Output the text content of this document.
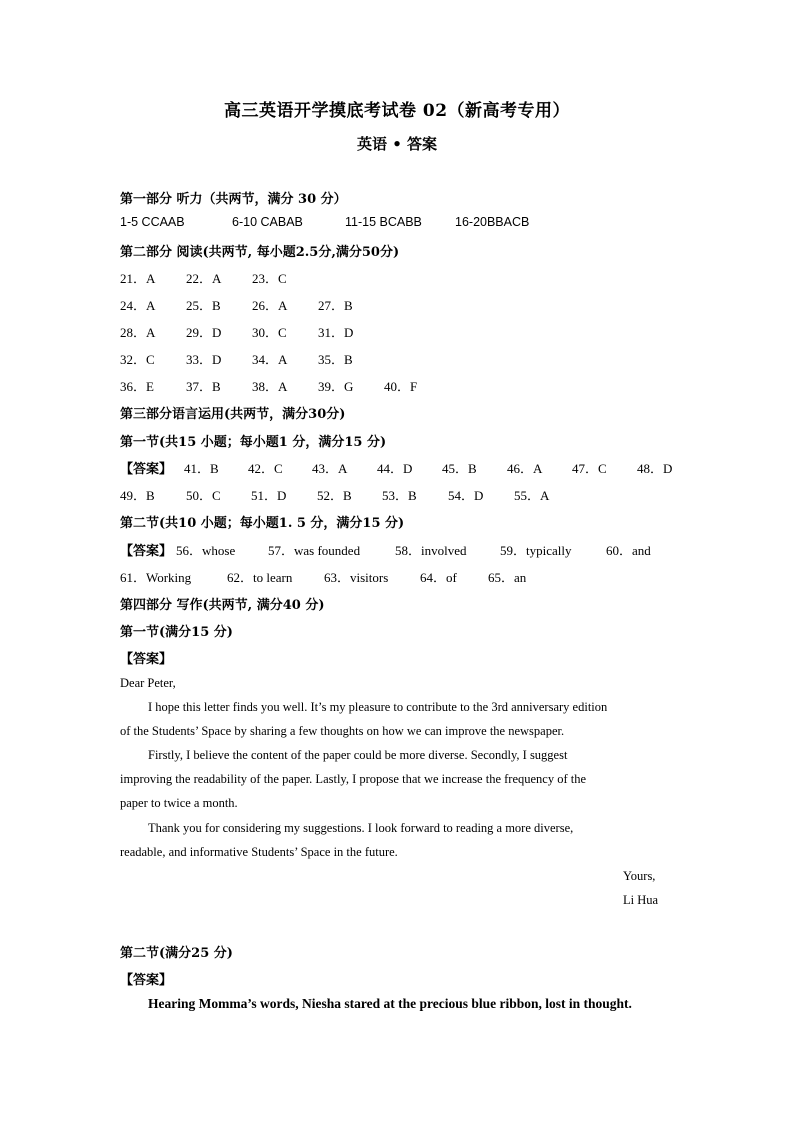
高三英语开学摸底考试卷 02（新高考专用）
英语 • 答案
第一部分 听力（共两节，满分 30 分）
1-5 CCAAB	6-10 CABAB	11-15 BCABB	16-20BBACB
第二部分 阅读(共两节, 每小题2.5分,满分50分)
21．A 22．A 23．C
24．A 25．B 26．A 27．B
28．A 29．D 30．C 31．D
32．C 33．D 34．A 35．B
36．E 37．B 38．A 39．G 40．F
第三部分语言运用(共两节，满分30分)
第一节(共15 小题；每小题1 分，满分15 分)
【答案】 41．B 42．C 43．A 44．D 45．B 46．A 47．C 48．D
49．B 50．C 51．D 52．B 53．B 54．D 55．A
第二节(共10 小题；每小题1. 5 分，满分15 分)
【答案】 56．whose	57．was founded	58．involved	59．typically	60．and
61．Working	62．to learn 63．visitors 64．of 65．an
第四部分 写作(共两节, 满分40 分)
第一节(满分15 分)
【答案】
Dear Peter,
I hope this letter finds you well. It’s my pleasure to contribute to the 3rd anniversary edition
of the Students’ Space by sharing a few thoughts on how we can improve the newspaper.
Firstly, I believe the content of the paper could be more diverse. Secondly, I suggest
improving the readability of the paper. Lastly, I propose that we increase the frequency of the
paper to twice a month.
Thank you for considering my suggestions. I look forward to reading a more diverse,
readable, and informative Students’ Space in the future.
Yours,
Li Hua
第二节(满分25 分)
【答案】
Hearing Momma’s words, Niesha stared at the precious blue ribbon, lost in thought.
